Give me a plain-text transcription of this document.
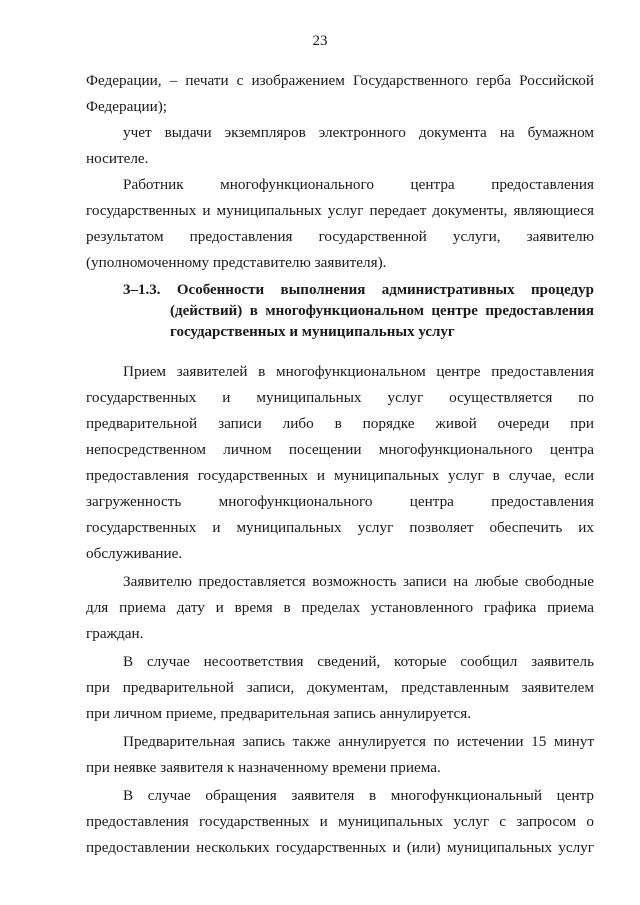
23
Федерации, – печати с изображением Государственного герба Российской
Федерации);
учет выдачи экземпляров электронного документа на бумажном
носителе.
Работник многофункционального центра предоставления
государственных и муниципальных услуг передает документы, являющиеся
результатом предоставления государственной услуги, заявителю
(уполномоченному представителю заявителя).
3–1.3. Особенности выполнения административных процедур
(действий) в многофункциональном центре предоставления
государственных и муниципальных услуг
Прием заявителей в многофункциональном центре предоставления
государственных и муниципальных услуг осуществляется по
предварительной записи либо в порядке живой очереди при
непосредственном личном посещении многофункционального центра
предоставления государственных и муниципальных услуг в случае, если
загруженность многофункционального центра предоставления
государственных и муниципальных услуг позволяет обеспечить их
обслуживание.
Заявителю предоставляется возможность записи на любые свободные
для приема дату и время в пределах установленного графика приема
граждан.
В случае несоответствия сведений, которые сообщил заявитель
при предварительной записи, документам, представленным заявителем
при личном приеме, предварительная запись аннулируется.
Предварительная запись также аннулируется по истечении 15 минут
при неявке заявителя к назначенному времени приема.
В случае обращения заявителя в многофункциональный центр
предоставления государственных и муниципальных услуг с запросом о
предоставлении нескольких государственных и (или) муниципальных услуг
